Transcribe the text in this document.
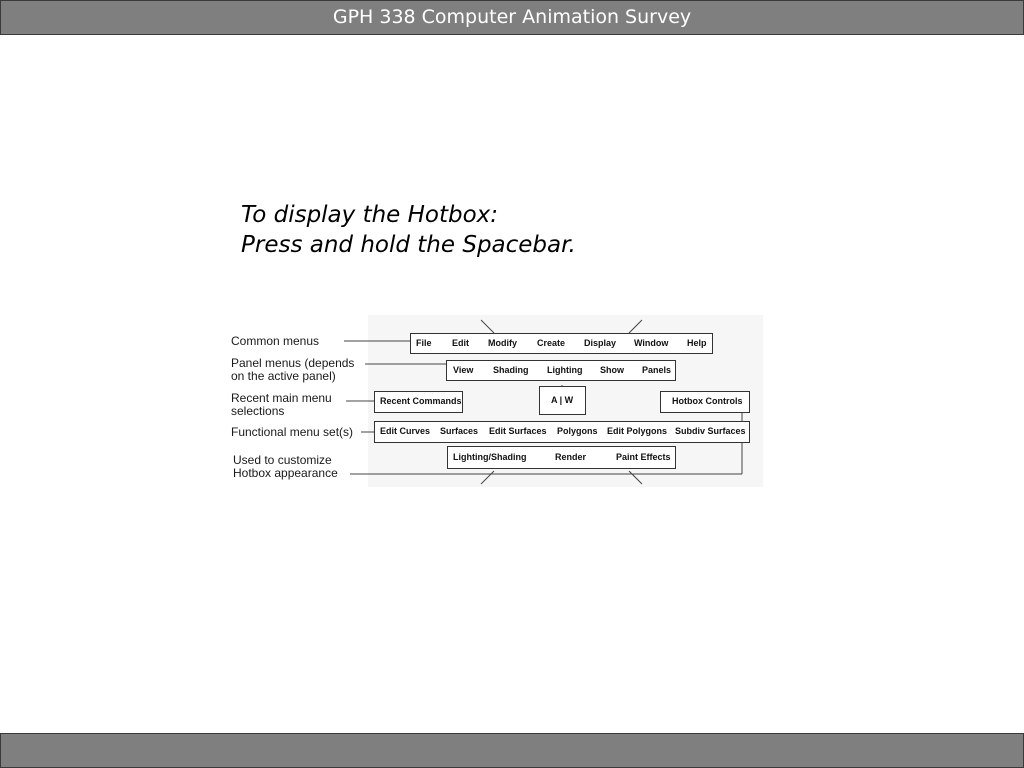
GPH 338 Computer Animation Survey
To display the Hotbox:
Press and hold the Spacebar.
Common menus
Panel menus (depends
on the active panel)
Recent main menu
selections
Functional menu set(s)
Used to customize
Hotbox appearance
File Edit Modify Create Display Window Help
View Shading Lighting Show Panels
Recent Commands	A | W	Hotbox Controls
Edit Curves Surfaces Edit Surfaces Polygons Edit Polygons Subdiv Surfaces
Lighting/Shading	Render	Paint Effects
